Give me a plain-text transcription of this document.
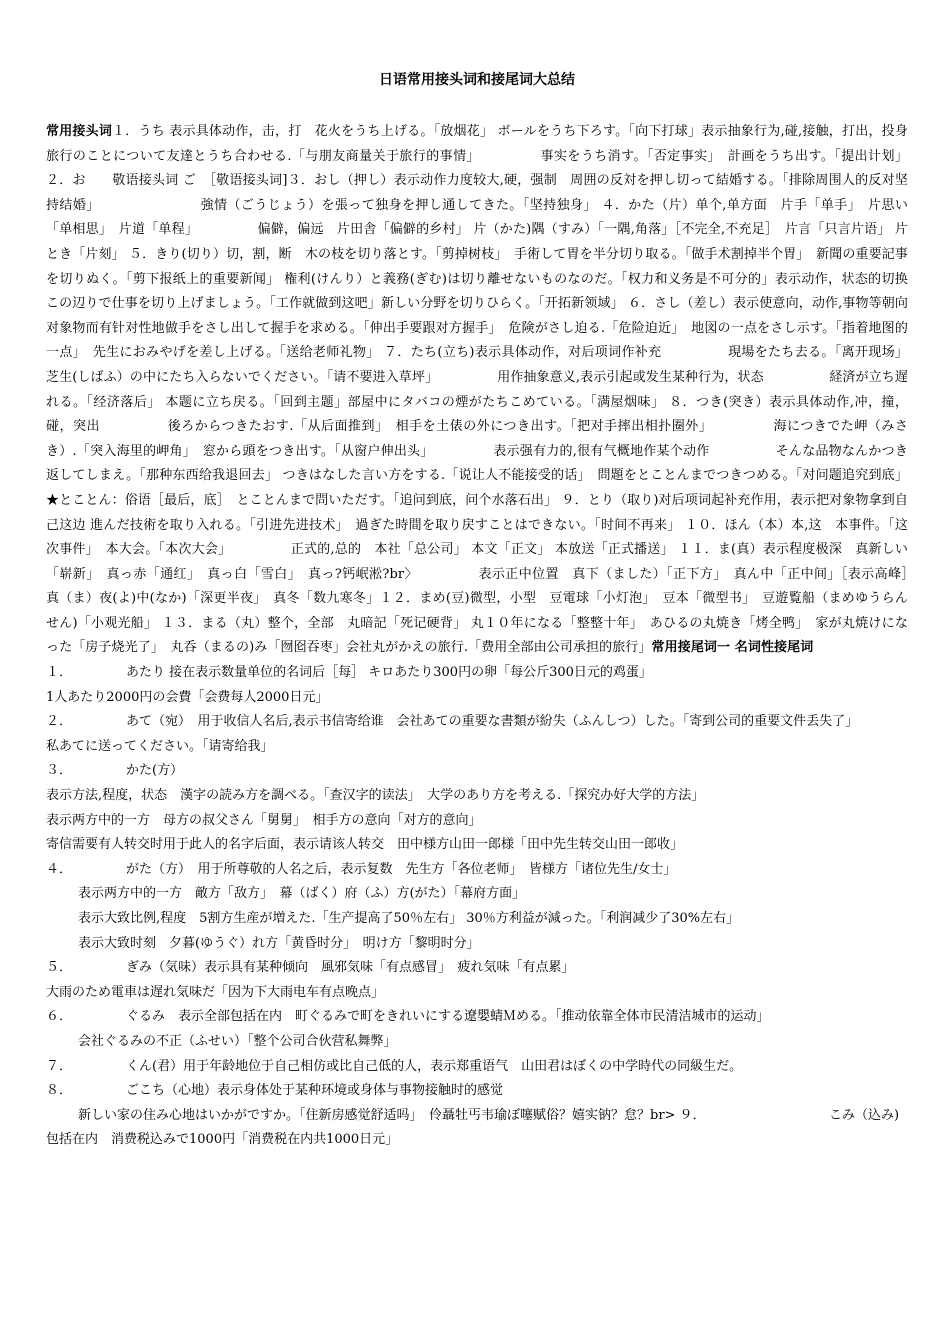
日语常用接头词和接尾词大总结

常用接头词１．うち 表示具体动作，击，打　花火をうち上げる。「放烟花」 ボールをうち下ろす。「向下打球」表示抽象行为,碰,接触，打出，投身　旅行のことについて友達とうち合わせる.「与朋友商量关于旅行的事情」　　　　　事实をうち消す。「否定事实」　計画をうち出す。「提出计划」 ２．お　　敬语接头词 ご　［敬语接头词]３．おし（押し）表示动作力度较大,硬，强制　周囲の反対を押し切って結婚する。「排除周围人的反对坚持结婚」　　　　　　　　強情（ごうじょう）を張って独身を押し通してきた。「坚持独身」 ４．かた（片）单个,单方面　片手「单手」　片思い「单相思」　片道「单程」　　　　　偏僻，偏远　片田舎「偏僻的乡村」 片（かた)隅（すみ）「一隅,角落」［不完全,不充足］　片言「只言片语」 片とき「片刻」 ５．きり(切り）切，割，断　木の枝を切り落とす。「剪掉树枝」　手術して胃を半分切り取る。「做手术割掉半个胃」　新聞の重要記事を切りぬく。「剪下报纸上的重要新闻」 権利(けんり）と義務(ぎむ)は切り離せないものなのだ。「权力和义务是不可分的」表示动作，状态的切换　この辺りで仕事を切り上げましょう。「工作就做到这吧」新しい分野を切りひらく。「开拓新领域」 ６．さし（差し）表示使意向，动作,事物等朝向对象物而有针对性地做手をさし出して握手を求める。「伸出手要跟对方握手」　危険がさし迫る.「危险迫近」　地図の一点をさし示す。「指着地图的一点」　先生におみやげを差し上げる。「送给老师礼物」 ７．たち(立ち)表示具体动作，对后项词作补充　　　　　現場をたち去る。「离开现场」 芝生(しばふ）の中にたち入らないでください。「请不要进入草坪」　　　　　用作抽象意义,表示引起或发生某种行为，状态　　　　　経済が立ち遅れる。「经济落后」 本题に立ち戻る。「回到主题」部屋中にタバコの煙がたちこめている。「满屋烟味」 ８．つき(突き）表示具体动作,冲，撞，碰，突出　　　　　後ろからつきたおす.「从后面推到」　相手を土俵の外につき出す。「把对手摔出相扑圈外」　　　　　海につきでた岬（みさき）.「突入海里的岬角」　窓から頭をつき出す。「从窗户伸出头」　　　　　表示强有力的,很有气概地作某个动作　　　　　そんな品物なんかつき返してしまえ。「那种东西给我退回去」 つきはなした言い方をする.「说让人不能接受的话」　問題をとことんまでつきつめる。「对问题追究到底」★とことん：俗语［最后，底］　とことんまで問いただす。「追问到底，问个水落石出」 ９．とり（取り)对后项词起补充作用，表示把对象物拿到自己这边 進んだ技術を取り入れる。「引进先进技术」　過ぎた時間を取り戻すことはできない。「时间不再来」 １０．ほん（本）本,这　本事件。「这次事件」　本大会。「本次大会」　　　　　正式的,总的　本社「总公司」 本文「正文」 本放送「正式播送」 １１．ま(真）表示程度极深　真新しい「崭新」　真っ赤「通红」　真っ白「雪白」　真っ?钙岷淞?br〉　　　　　表示正中位置　真下（ました）「正下方」　真ん中「正中间」［表示高峰］　真（ま）夜(よ)中(なか)「深更半夜」　真冬「数九寒冬」１２．まめ(豆)微型，小型　豆電球「小灯泡」　豆本「微型书」　豆遊覧船（まめゆうらんせん)「小观光船」 １３．まる（丸）整个，全部　丸暗記「死记硬背」 丸１０年になる「整整十年」　あひるの丸焼き「烤全鸭」　家が丸焼けになった「房子烧光了」　丸呑（まるの)み「囫囵吞枣」会社丸がかえの旅行.「费用全部由公司承担的旅行」常用接尾词一 名词性接尾词

１．	あたり 接在表示数量单位的名词后［每］ キロあたり300円の卵「每公斤300日元的鸡蛋」

1人あたり2000円の会費「会费每人2000日元」

２．	あて（宛）　用于收信人名后,表示书信寄给谁　会社あての重要な書類が紛失（ふんしつ）した。「寄到公司的重要文件丢失了」

私あてに送ってください。「请寄给我」

３．	かた(方）

表示方法,程度，状态　漢字の読み方を調べる。「查汉字的读法」　大学のあり方を考える.「探究办好大学的方法」

表示两方中的一方　母方の叔父さん「舅舅」　相手方の意向「对方的意向」

寄信需要有人转交时用于此人的名字后面，表示请该人转交　田中様方山田一郎様「田中先生转交山田一郎收」

４．	がた（方）　用于所尊敬的人名之后，表示复数　先生方「各位老师」　皆様方「诸位先生/女士」

表示两方中的一方　敵方「敌方」　幕（ばく）府（ふ）方(がた）「幕府方面」

表示大致比例,程度　5割方生産が増えた.「生产提高了50％左右」 30％方利益が減った。「利润减少了30%左右」

表示大致时刻　夕暮(ゆうぐ）れ方「黄昏时分」　明け方「黎明时分」

５．	ぎみ（気味）表示具有某种倾向　風邪気味「有点感冒」　疲れ気味「有点累」

大雨のため電車は遅れ気味だ「因为下大雨电车有点晚点」

６．	ぐるみ　表示全部包括在内　町ぐるみで町をきれいにする遼嬰蜻Ｍめる。「推动依靠全体市民清洁城市的运动」

会社ぐるみの不正（ふせい）「整个公司合伙营私舞弊」

７．	くん(君）用于年龄地位于自己相仿或比自己低的人，表示郑重语气　山田君はぼくの中学時代の同級生だ。

８．	ごこち（心地）表示身体处于某种环境或身体与事物接触时的感觉

新しい家の住み心地はいかがですか。「住新房感觉舒适吗」　伶聶牡丐韦瑜ぼ噻赋俗？嬉实钠？怠？br> ９．　　　　　　　　　　こみ（込み)

包括在内　消费税込みで1000円「消费税在内共1000日元」
